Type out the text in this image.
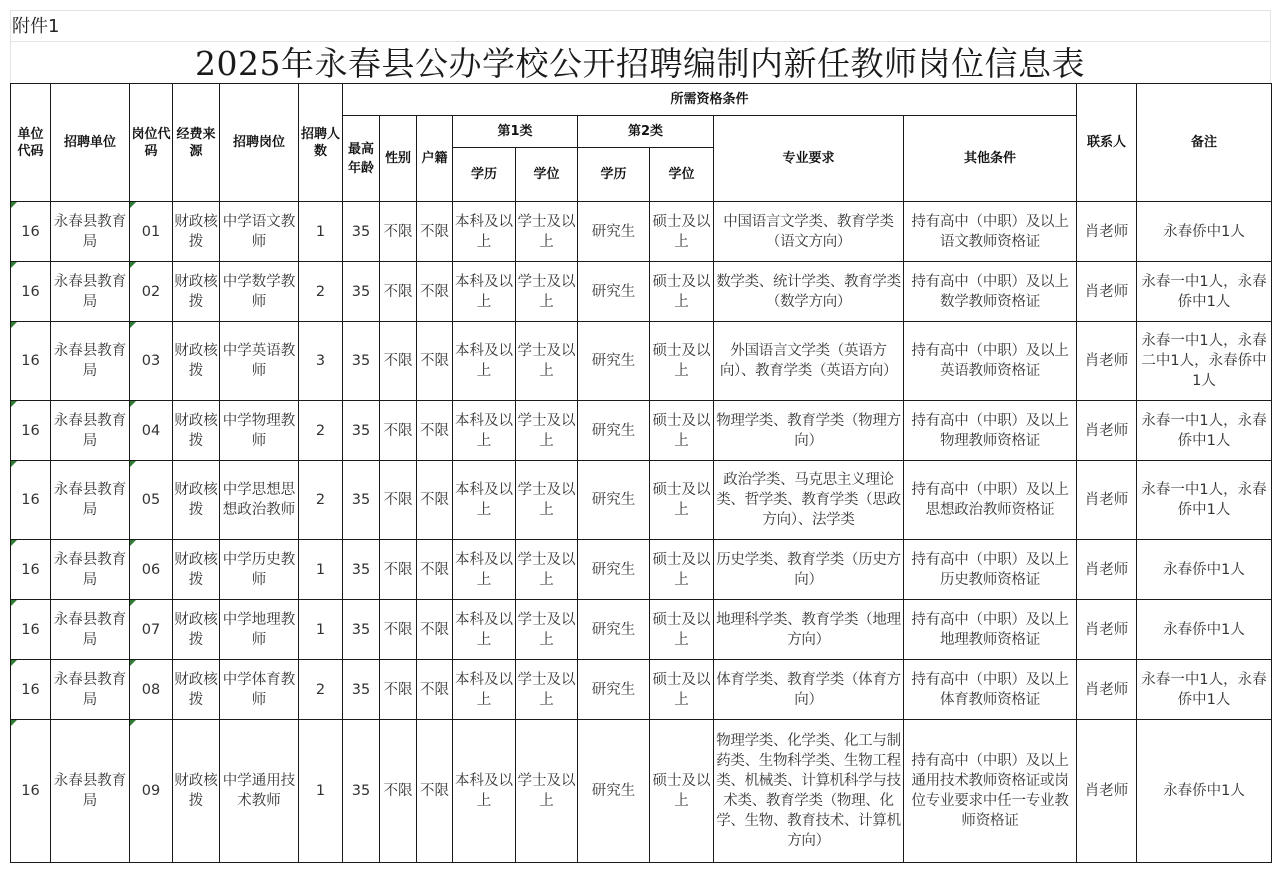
附件1
2025年永春县公办学校公开招聘编制内新任教师岗位信息表
单位代码	招聘单位	岗位代码	经费来源	招聘岗位	招聘人数	所需资格条件									联系人	备注
						最高年龄	性别	户籍	第1类		第2类		专业要求	其他条件		
									学历	学位	学历	学位				
16	永春县教育局	01	财政核拨	中学语文教师	1	35	不限	不限	本科及以上	学士及以上	研究生	硕士及以上	中国语言文学类、教育学类（语文方向）	持有高中（中职）及以上语文教师资格证	肖老师	永春侨中1人
16	永春县教育局	02	财政核拨	中学数学教师	2	35	不限	不限	本科及以上	学士及以上	研究生	硕士及以上	数学类、统计学类、教育学类（数学方向）	持有高中（中职）及以上数学教师资格证	肖老师	永春一中1人，永春侨中1人
16	永春县教育局	03	财政核拨	中学英语教师	3	35	不限	不限	本科及以上	学士及以上	研究生	硕士及以上	外国语言文学类（英语方向）、教育学类（英语方向）	持有高中（中职）及以上英语教师资格证	肖老师	永春一中1人，永春二中1人，永春侨中1人
16	永春县教育局	04	财政核拨	中学物理教师	2	35	不限	不限	本科及以上	学士及以上	研究生	硕士及以上	物理学类、教育学类（物理方向）	持有高中（中职）及以上物理教师资格证	肖老师	永春一中1人，永春侨中1人
16	永春县教育局	05	财政核拨	中学思想思想政治教师	2	35	不限	不限	本科及以上	学士及以上	研究生	硕士及以上	政治学类、马克思主义理论类、哲学类、教育学类（思政方向）、法学类	持有高中（中职）及以上思想政治教师资格证	肖老师	永春一中1人，永春侨中1人
16	永春县教育局	06	财政核拨	中学历史教师	1	35	不限	不限	本科及以上	学士及以上	研究生	硕士及以上	历史学类、教育学类（历史方向）	持有高中（中职）及以上历史教师资格证	肖老师	永春侨中1人
16	永春县教育局	07	财政核拨	中学地理教师	1	35	不限	不限	本科及以上	学士及以上	研究生	硕士及以上	地理科学类、教育学类（地理方向）	持有高中（中职）及以上地理教师资格证	肖老师	永春侨中1人
16	永春县教育局	08	财政核拨	中学体育教师	2	35	不限	不限	本科及以上	学士及以上	研究生	硕士及以上	体育学类、教育学类（体育方向）	持有高中（中职）及以上体育教师资格证	肖老师	永春一中1人，永春侨中1人
16	永春县教育局	09	财政核拨	中学通用技术教师	1	35	不限	不限	本科及以上	学士及以上	研究生	硕士及以上	物理学类、化学类、化工与制药类、生物科学类、生物工程类、机械类、计算机科学与技术类、教育学类（物理、化学、生物、教育技术、计算机方向）	持有高中（中职）及以上通用技术教师资格证或岗位专业要求中任一专业教师资格证	肖老师	永春侨中1人
